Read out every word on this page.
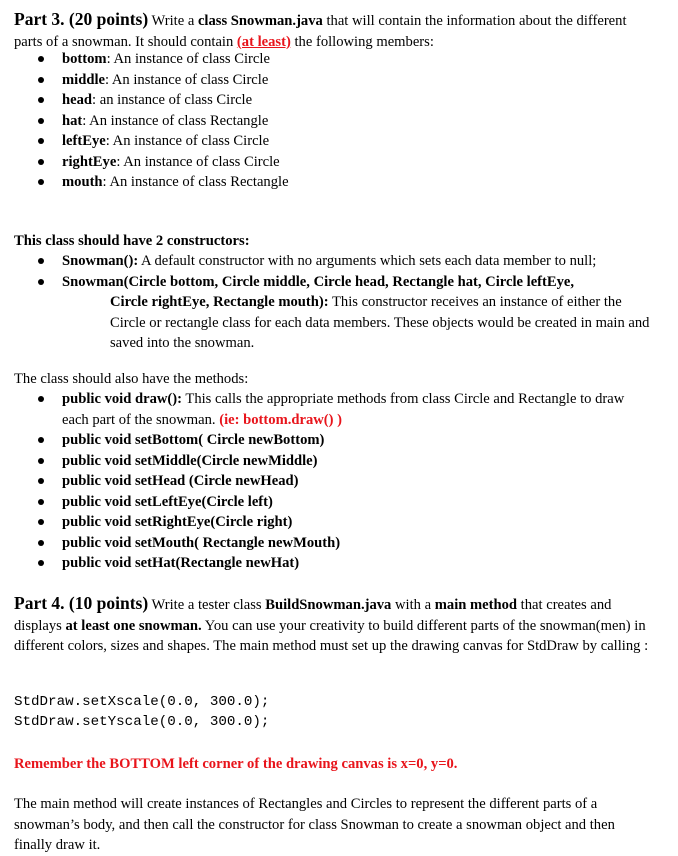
Part 3. (20 points) Write a class Snowman.java that will contain the information about the different parts of a snowman. It should contain (at least) the following members:
bottom: An instance of class Circle
middle: An instance of class Circle
head: an instance of class Circle
hat: An instance of class Rectangle
leftEye: An instance of class Circle
rightEye: An instance of class Circle
mouth: An instance of class Rectangle
This class should have 2 constructors:
Snowman(): A default constructor with no arguments which sets each data member to null;
Snowman(Circle bottom, Circle middle, Circle head, Rectangle hat, Circle leftEye,
Circle rightEye, Rectangle mouth): This constructor receives an instance of either the Circle or rectangle class for each data members. These objects would be created in main and saved into the snowman.
The class should also have the methods:
public void draw(): This calls the appropriate methods from class Circle and Rectangle to draw each part of the snowman. (ie: bottom.draw() )
public void setBottom( Circle newBottom)
public void setMiddle(Circle newMiddle)
public void setHead (Circle newHead)
public void setLeftEye(Circle left)
public void setRightEye(Circle right)
public void setMouth( Rectangle newMouth)
public void setHat(Rectangle newHat)
Part 4. (10 points) Write a tester class BuildSnowman.java with a main method that creates and displays at least one snowman. You can use your creativity to build different parts of the snowman(men) in different colors, sizes and shapes. The main method must set up the drawing canvas for StdDraw by calling :
StdDraw.setXscale(0.0, 300.0);
StdDraw.setYscale(0.0, 300.0);
Remember the BOTTOM left corner of the drawing canvas is x=0, y=0.
The main method will create instances of Rectangles and Circles to represent the different parts of a snowman’s body, and then call the constructor for class Snowman to create a snowman object and then finally draw it.
